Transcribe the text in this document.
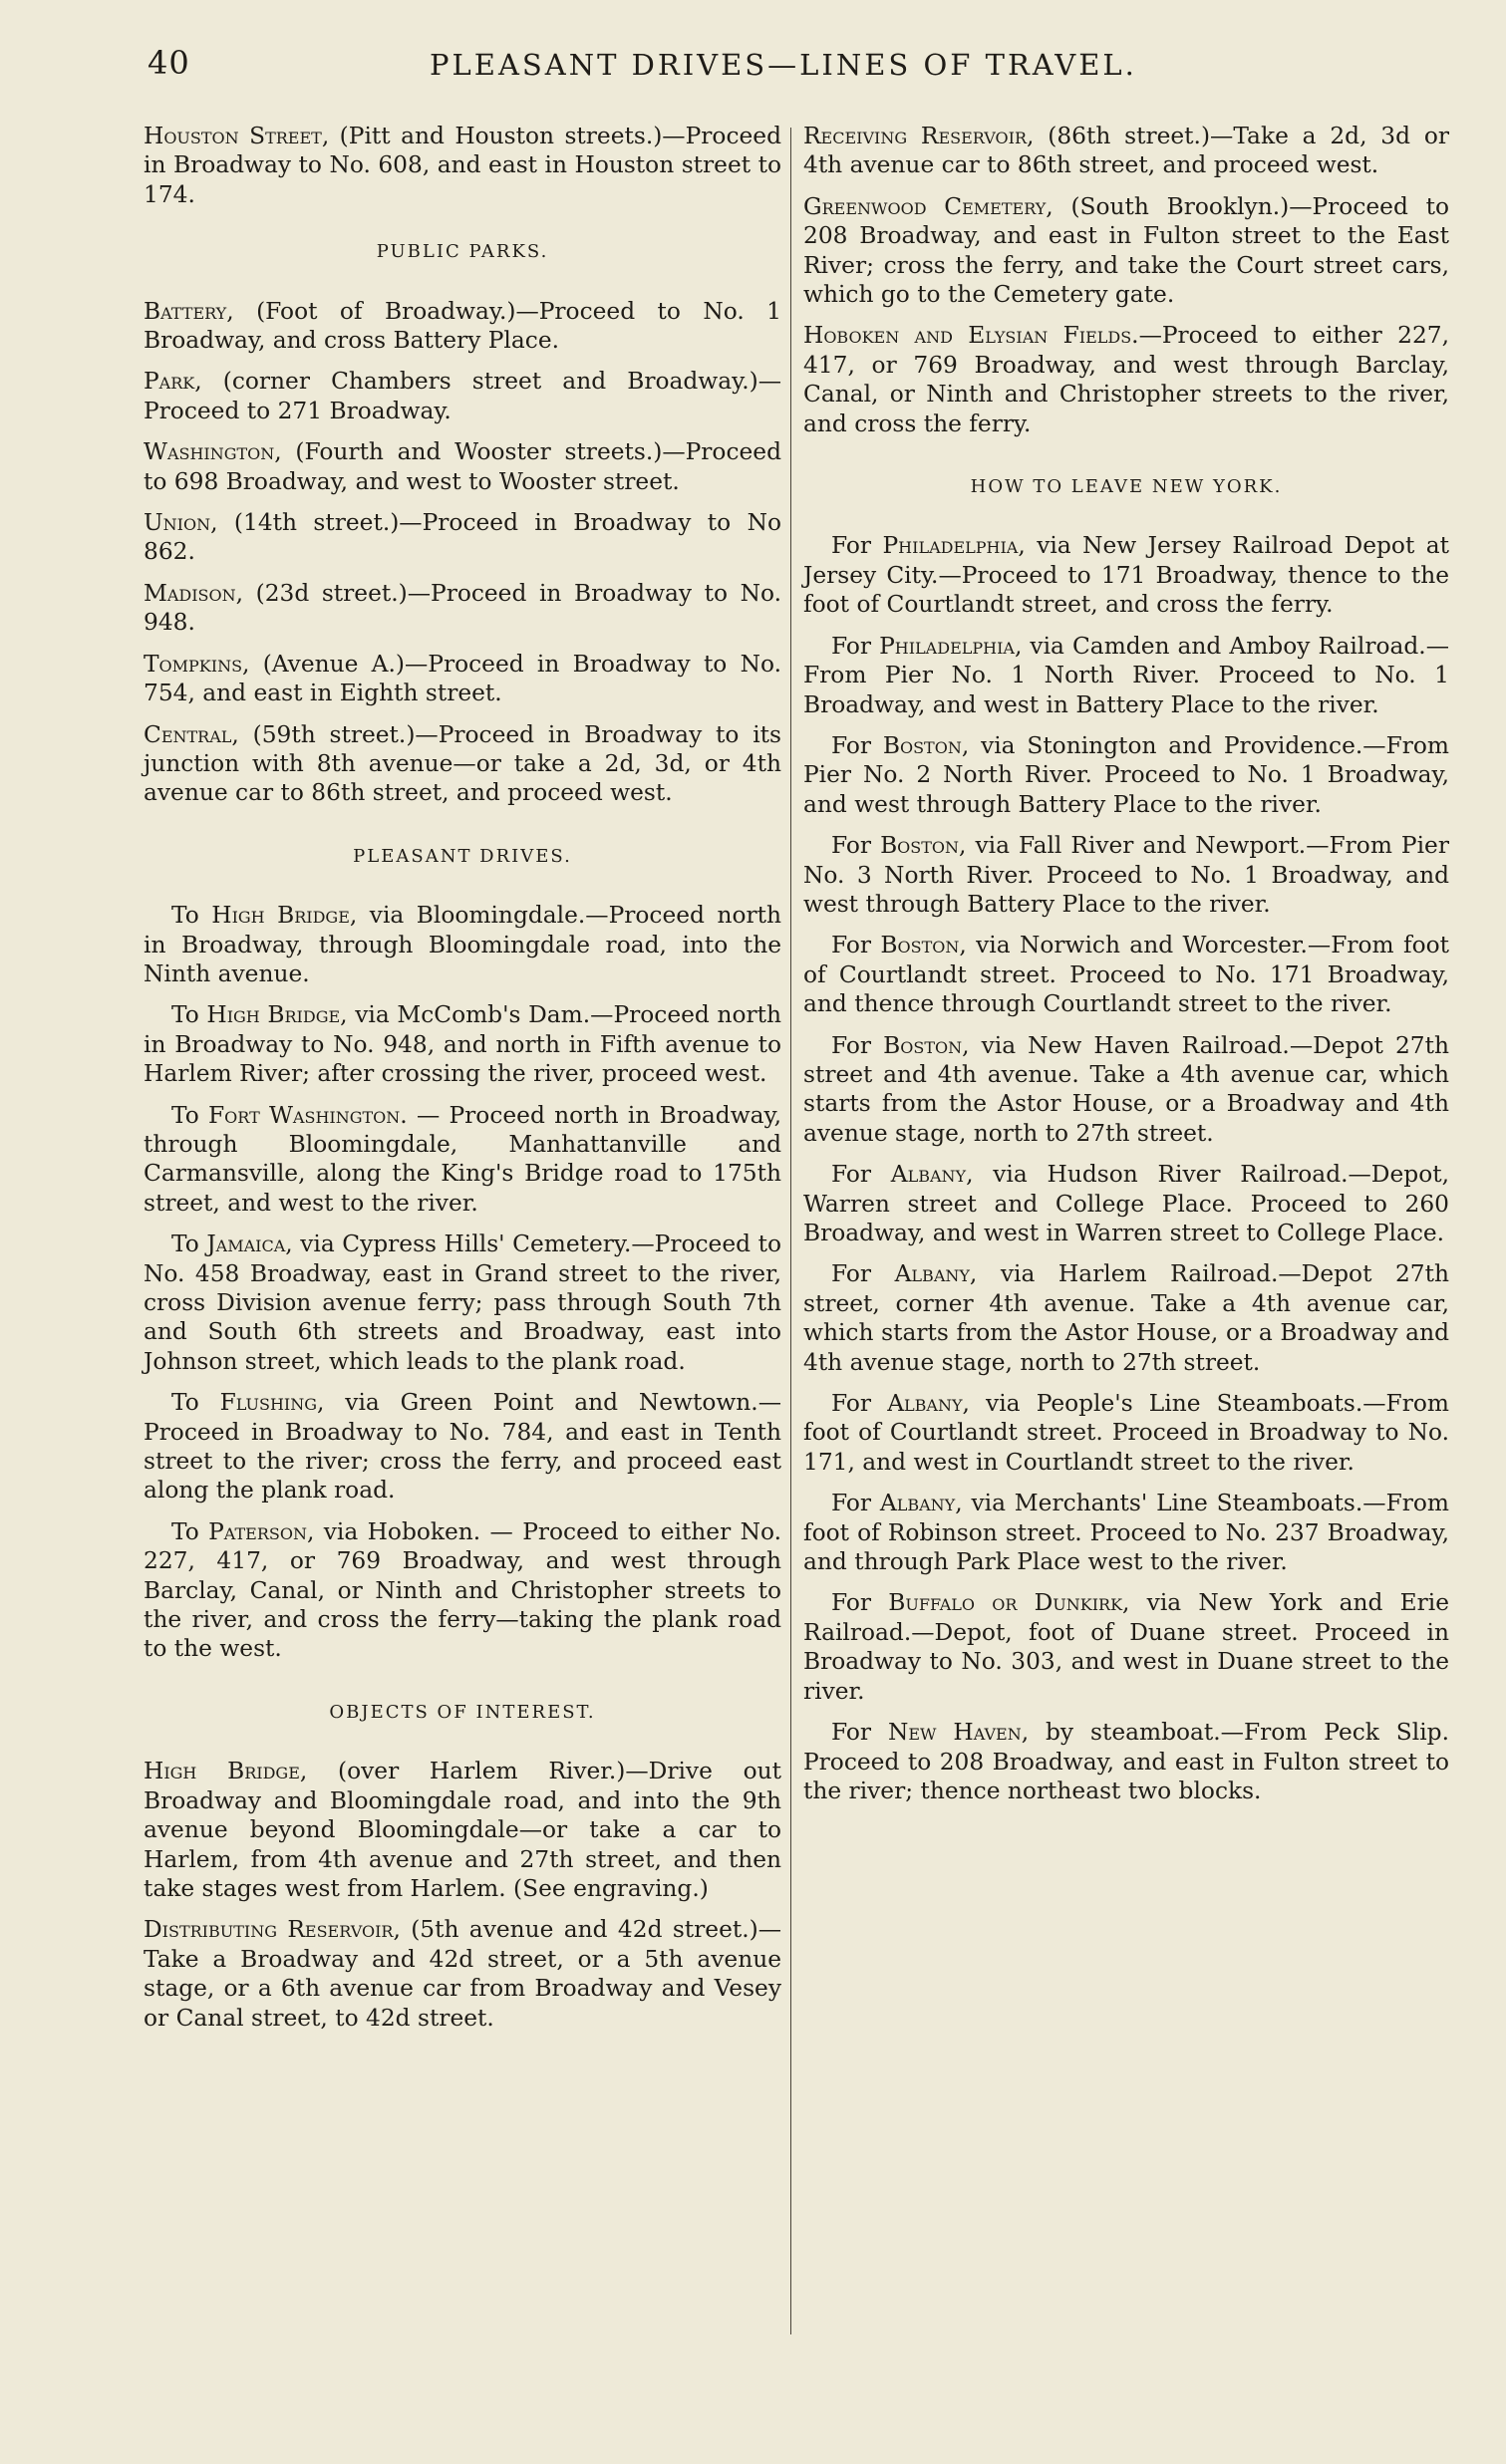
40	PLEASANT DRIVES—LINES OF TRAVEL.

Houston Street, (Pitt and Houston streets.)—Proceed in Broadway to No. 608, and east in Houston street to 174.

PUBLIC PARKS.

Battery, (Foot of Broadway.)—Proceed to No. 1 Broadway, and cross Battery Place.

Park, (corner Chambers street and Broadway.)—Proceed to 271 Broadway.

Washington, (Fourth and Wooster streets.)—Proceed to 698 Broadway, and west to Wooster street.

Union, (14th street.)—Proceed in Broadway to No 862.

Madison, (23d street.)—Proceed in Broadway to No. 948.

Tompkins, (Avenue A.)—Proceed in Broadway to No. 754, and east in Eighth street.

Central, (59th street.)—Proceed in Broadway to its junction with 8th avenue—or take a 2d, 3d, or 4th avenue car to 86th street, and proceed west.

PLEASANT DRIVES.

To High Bridge, via Bloomingdale.—Proceed north in Broadway, through Bloomingdale road, into the Ninth avenue.

To High Bridge, via McComb's Dam.—Proceed north in Broadway to No. 948, and north in Fifth avenue to Harlem River; after crossing the river, proceed west.

To Fort Washington. — Proceed north in Broadway, through Bloomingdale, Manhattanville and Carmansville, along the King's Bridge road to 175th street, and west to the river.

To Jamaica, via Cypress Hills' Cemetery.—Proceed to No. 458 Broadway, east in Grand street to the river, cross Division avenue ferry; pass through South 7th and South 6th streets and Broadway, east into Johnson street, which leads to the plank road.

To Flushing, via Green Point and Newtown.—Proceed in Broadway to No. 784, and east in Tenth street to the river; cross the ferry, and proceed east along the plank road.

To Paterson, via Hoboken. — Proceed to either No. 227, 417, or 769 Broadway, and west through Barclay, Canal, or Ninth and Christopher streets to the river, and cross the ferry—taking the plank road to the west.

OBJECTS OF INTEREST.

High Bridge, (over Harlem River.)—Drive out Broadway and Bloomingdale road, and into the 9th avenue beyond Bloomingdale—or take a car to Harlem, from 4th avenue and 27th street, and then take stages west from Harlem. (See engraving.)

Distributing Reservoir, (5th avenue and 42d street.)—Take a Broadway and 42d street, or a 5th avenue stage, or a 6th avenue car from Broadway and Vesey or Canal street, to 42d street.

Receiving Reservoir, (86th street.)—Take a 2d, 3d or 4th avenue car to 86th street, and proceed west.

Greenwood Cemetery, (South Brooklyn.)—Proceed to 208 Broadway, and east in Fulton street to the East River; cross the ferry, and take the Court street cars, which go to the Cemetery gate.

Hoboken and Elysian Fields.—Proceed to either 227, 417, or 769 Broadway, and west through Barclay, Canal, or Ninth and Christopher streets to the river, and cross the ferry.

HOW TO LEAVE NEW YORK.

For Philadelphia, via New Jersey Railroad Depot at Jersey City.—Proceed to 171 Broadway, thence to the foot of Courtlandt street, and cross the ferry.

For Philadelphia, via Camden and Amboy Railroad.—From Pier No. 1 North River. Proceed to No. 1 Broadway, and west in Battery Place to the river.

For Boston, via Stonington and Providence.—From Pier No. 2 North River. Proceed to No. 1 Broadway, and west through Battery Place to the river.

For Boston, via Fall River and Newport.—From Pier No. 3 North River. Proceed to No. 1 Broadway, and west through Battery Place to the river.

For Boston, via Norwich and Worcester.—From foot of Courtlandt street. Proceed to No. 171 Broadway, and thence through Courtlandt street to the river.

For Boston, via New Haven Railroad.—Depot 27th street and 4th avenue. Take a 4th avenue car, which starts from the Astor House, or a Broadway and 4th avenue stage, north to 27th street.

For Albany, via Hudson River Railroad.—Depot, Warren street and College Place. Proceed to 260 Broadway, and west in Warren street to College Place.

For Albany, via Harlem Railroad.—Depot 27th street, corner 4th avenue. Take a 4th avenue car, which starts from the Astor House, or a Broadway and 4th avenue stage, north to 27th street.

For Albany, via People's Line Steamboats.—From foot of Courtlandt street. Proceed in Broadway to No. 171, and west in Courtlandt street to the river.

For Albany, via Merchants' Line Steamboats.—From foot of Robinson street. Proceed to No. 237 Broadway, and through Park Place west to the river.

For Buffalo or Dunkirk, via New York and Erie Railroad.—Depot, foot of Duane street. Proceed in Broadway to No. 303, and west in Duane street to the river.

For New Haven, by steamboat.—From Peck Slip. Proceed to 208 Broadway, and east in Fulton street to the river; thence northeast two blocks.
